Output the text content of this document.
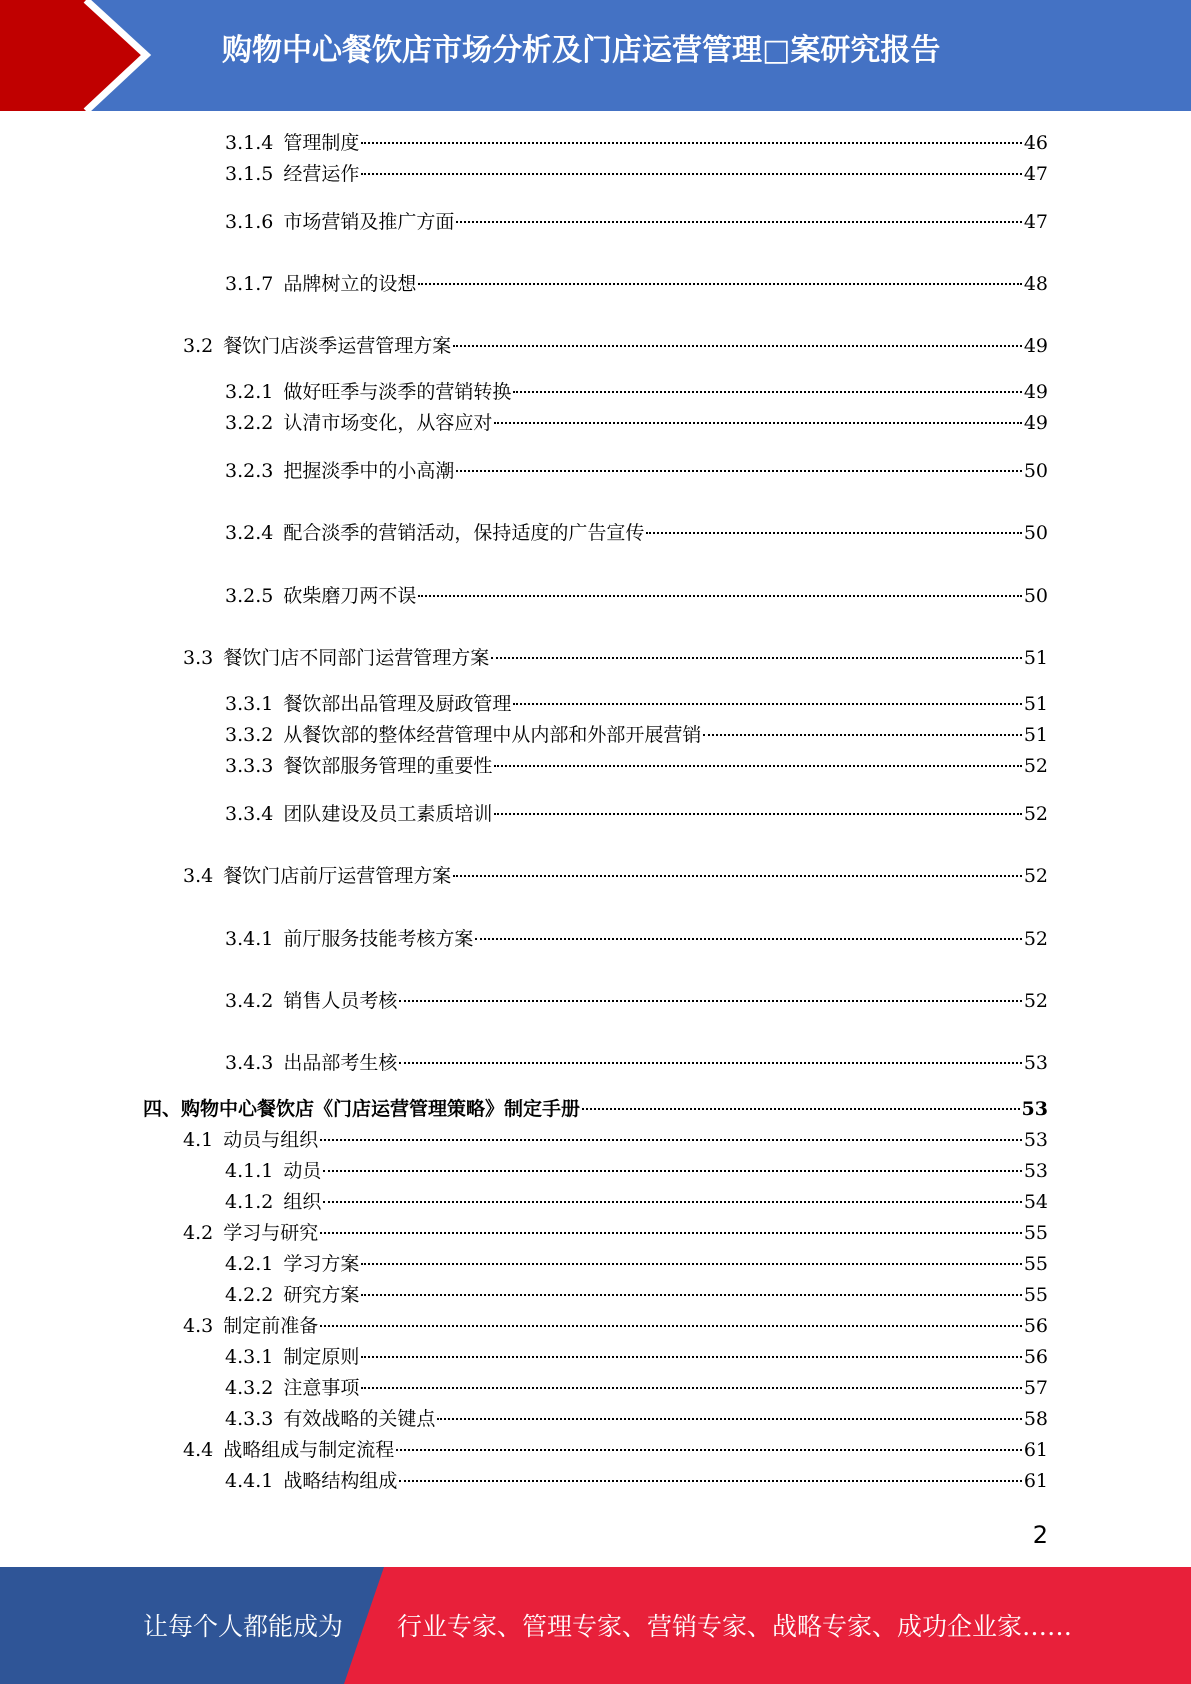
购物中心餐饮店市场分析及门店运营管理□案研究报告
3.1.4 管理制度	46
3.1.5 经营运作	47
3.1.6 市场营销及推广方面	47
3.1.7 品牌树立的设想	48
3.2 餐饮门店淡季运营管理方案	49
3.2.1 做好旺季与淡季的营销转换	49
3.2.2 认清市场变化，从容应对	49
3.2.3 把握淡季中的小高潮	50
3.2.4 配合淡季的营销活动，保持适度的广告宣传	50
3.2.5 砍柴磨刀两不误	50
3.3 餐饮门店不同部门运营管理方案	51
3.3.1 餐饮部出品管理及厨政管理	51
3.3.2 从餐饮部的整体经营管理中从内部和外部开展营销	51
3.3.3 餐饮部服务管理的重要性	52
3.3.4 团队建设及员工素质培训	52
3.4 餐饮门店前厅运营管理方案	52
3.4.1 前厅服务技能考核方案	52
3.4.2 销售人员考核	52
3.4.3 出品部考生核	53
四、购物中心餐饮店《门店运营管理策略》制定手册	53
4.1 动员与组织	53
4.1.1 动员	53
4.1.2 组织	54
4.2 学习与研究	55
4.2.1 学习方案	55
4.2.2 研究方案	55
4.3 制定前准备	56
4.3.1 制定原则	56
4.3.2 注意事项	57
4.3.3 有效战略的关键点	58
4.4 战略组成与制定流程	61
4.4.1 战略结构组成	61
2
让每个人都能成为 行业专家、管理专家、营销专家、战略专家、成功企业家……
